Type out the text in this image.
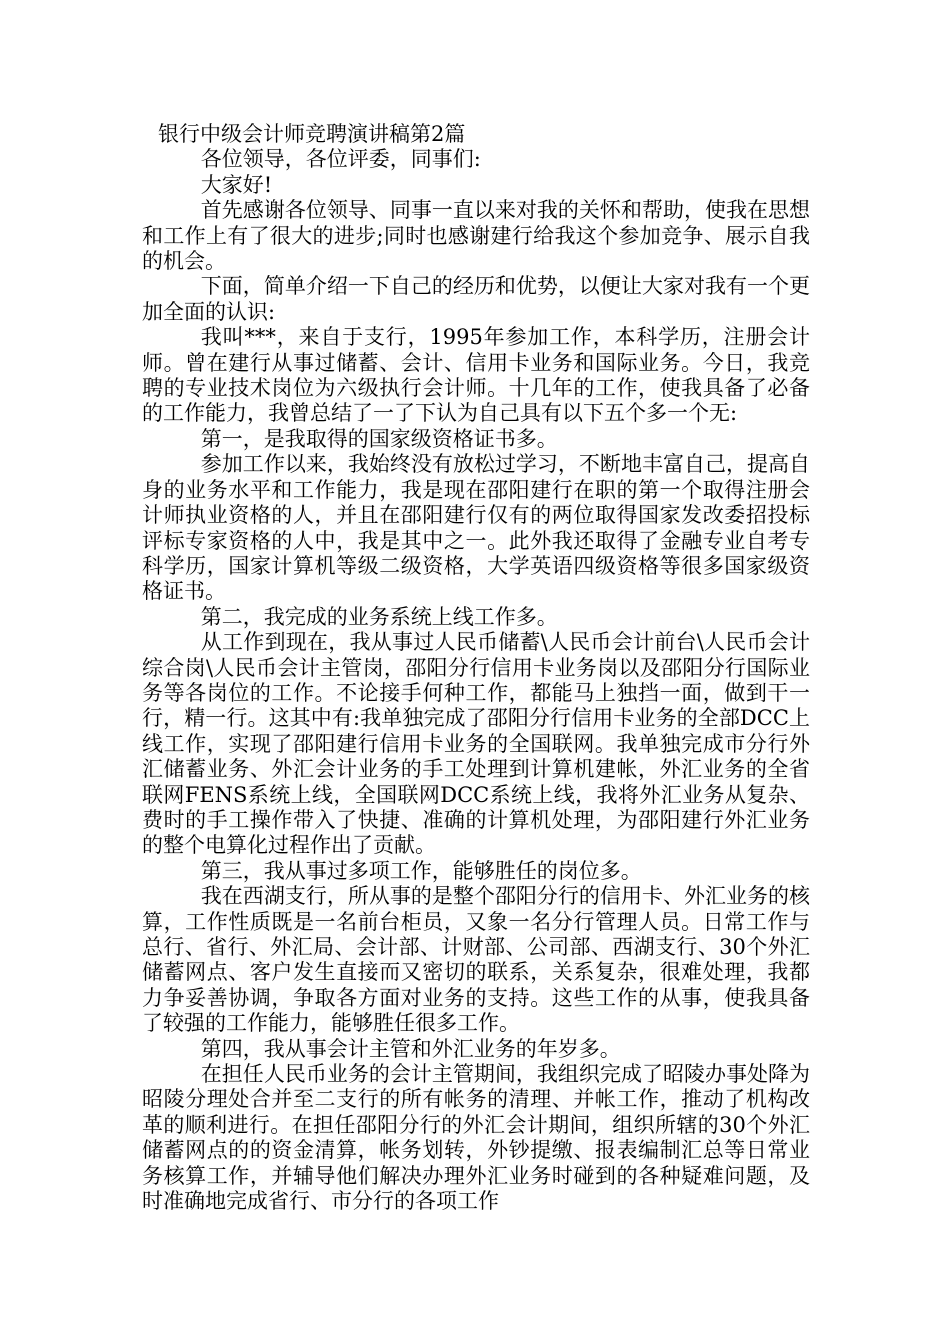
银行中级会计师竞聘演讲稿第2篇

各位领导，各位评委，同事们:

大家好!

首先感谢各位领导、同事一直以来对我的关怀和帮助，使我在思想和工作上有了很大的进步;同时也感谢建行给我这个参加竞争、展示自我的机会。

下面，简单介绍一下自己的经历和优势，以便让大家对我有一个更加全面的认识:

我叫***，来自于支行，1995年参加工作，本科学历，注册会计师。曾在建行从事过储蓄、会计、信用卡业务和国际业务。今日，我竞聘的专业技术岗位为六级执行会计师。十几年的工作，使我具备了必备的工作能力，我曾总结了一了下认为自己具有以下五个多一个无:

第一，是我取得的国家级资格证书多。

参加工作以来，我始终没有放松过学习，不断地丰富自己，提高自身的业务水平和工作能力，我是现在邵阳建行在职的第一个取得注册会计师执业资格的人，并且在邵阳建行仅有的两位取得国家发改委招投标评标专家资格的人中，我是其中之一。此外我还取得了金融专业自考专科学历，国家计算机等级二级资格，大学英语四级资格等很多国家级资格证书。

第二，我完成的业务系统上线工作多。

从工作到现在，我从事过人民币储蓄\人民币会计前台\人民币会计综合岗\人民币会计主管岗，邵阳分行信用卡业务岗以及邵阳分行国际业务等各岗位的工作。不论接手何种工作，都能马上独挡一面，做到干一行，精一行。这其中有:我单独完成了邵阳分行信用卡业务的全部DCC上线工作，实现了邵阳建行信用卡业务的全国联网。我单独完成市分行外汇储蓄业务、外汇会计业务的手工处理到计算机建帐，外汇业务的全省联网FENS系统上线，全国联网DCC系统上线，我将外汇业务从复杂、费时的手工操作带入了快捷、准确的计算机处理，为邵阳建行外汇业务的整个电算化过程作出了贡献。

第三，我从事过多项工作，能够胜任的岗位多。

我在西湖支行，所从事的是整个邵阳分行的信用卡、外汇业务的核算，工作性质既是一名前台柜员，又象一名分行管理人员。日常工作与总行、省行、外汇局、会计部、计财部、公司部、西湖支行、30个外汇储蓄网点、客户发生直接而又密切的联系，关系复杂，很难处理，我都力争妥善协调，争取各方面对业务的支持。这些工作的从事，使我具备了较强的工作能力，能够胜任很多工作。

第四，我从事会计主管和外汇业务的年岁多。

在担任人民币业务的会计主管期间，我组织完成了昭陵办事处降为昭陵分理处合并至二支行的所有帐务的清理、并帐工作，推动了机构改革的顺利进行。在担任邵阳分行的外汇会计期间，组织所辖的30个外汇储蓄网点的的资金清算，帐务划转，外钞提缴、报表编制汇总等日常业务核算工作，并辅导他们解决办理外汇业务时碰到的各种疑难问题，及时准确地完成省行、市分行的各项工作
